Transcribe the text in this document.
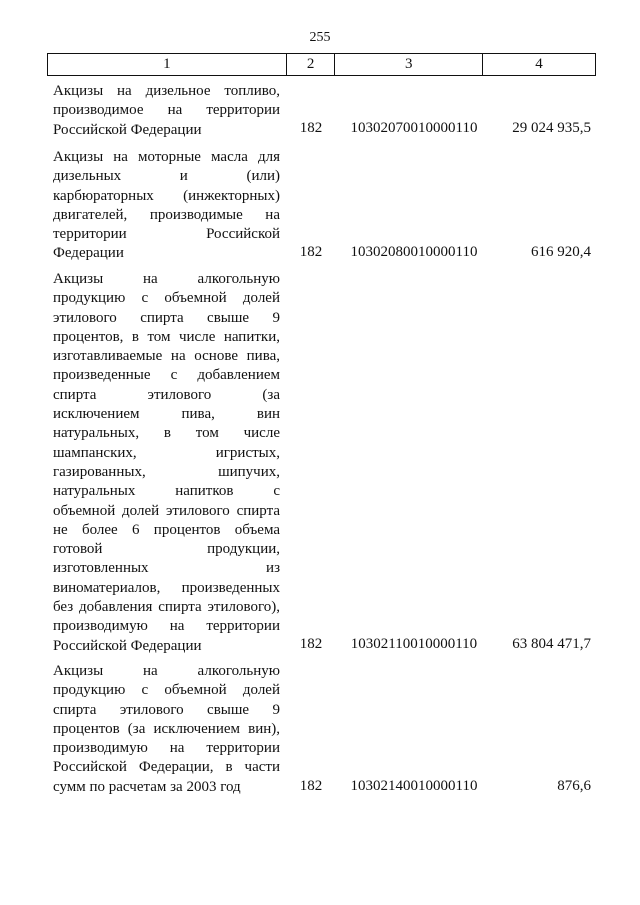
255
1	2	3	4
Акцизы на дизельное топливо,
производимое на территории
Российской Федерации	182	10302070010000110	29 024 935,5
Акцизы на моторные масла для
дизельных и (или)
карбюраторных (инжекторных)
двигателей, производимые на
территории Российской
Федерации	182	10302080010000110	616 920,4
Акцизы на алкогольную
продукцию с объемной долей
этилового спирта свыше 9
процентов, в том числе напитки,
изготавливаемые на основе пива,
произведенные с добавлением
спирта этилового (за
исключением пива, вин
натуральных, в том числе
шампанских, игристых,
газированных, шипучих,
натуральных напитков с
объемной долей этилового спирта
не более 6 процентов объема
готовой продукции,
изготовленных из
виноматериалов, произведенных
без добавления спирта этилового),
производимую на территории
Российской Федерации	182	10302110010000110	63 804 471,7
Акцизы на алкогольную
продукцию с объемной долей
спирта этилового свыше 9
процентов (за исключением вин),
производимую на территории
Российской Федерации, в части
сумм по расчетам за 2003 год	182	10302140010000110	876,6
